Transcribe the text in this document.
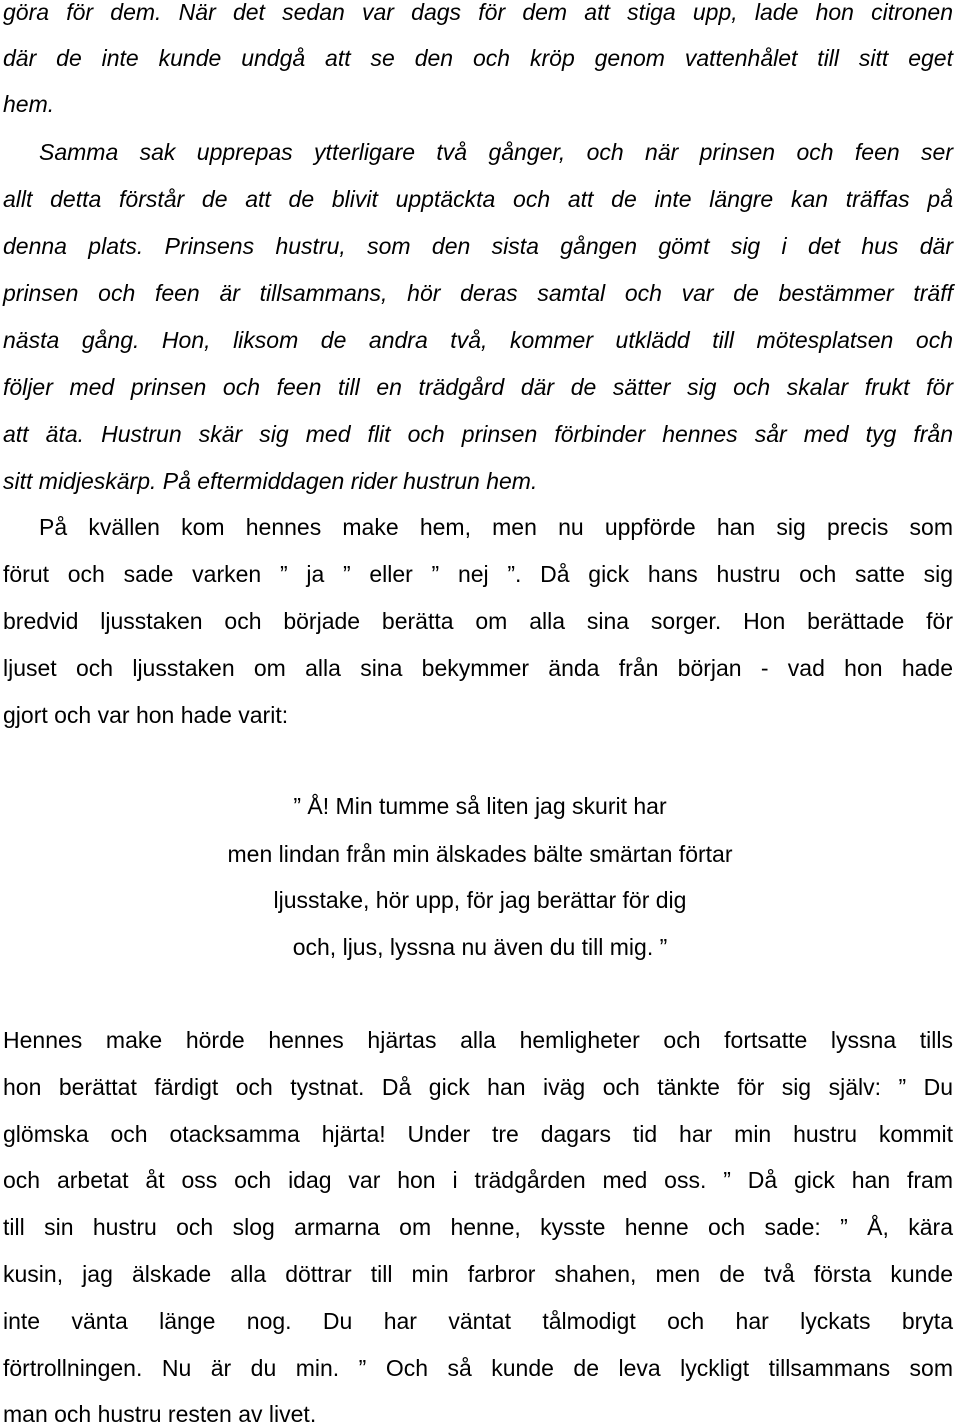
göra för dem. När det sedan var dags för dem att stiga upp, lade hon citronen
där de inte kunde undgå att se den och kröp genom vattenhålet till sitt eget
hem.
Samma sak upprepas ytterligare två gånger, och när prinsen och feen ser
allt detta förstår de att de blivit upptäckta och att de inte längre kan träffas på
denna plats. Prinsens hustru, som den sista gången gömt sig i det hus där
prinsen och feen är tillsammans, hör deras samtal och var de bestämmer träff
nästa gång. Hon, liksom de andra två, kommer utklädd till mötesplatsen och
följer med prinsen och feen till en trädgård där de sätter sig och skalar frukt för
att äta. Hustrun skär sig med flit och prinsen förbinder hennes sår med tyg från
sitt midjeskärp. På eftermiddagen rider hustrun hem.
På kvällen kom hennes make hem, men nu uppförde han sig precis som
förut och sade varken ” ja ” eller ” nej ”. Då gick hans hustru och satte sig
bredvid ljusstaken och började berätta om alla sina sorger. Hon berättade för
ljuset och ljusstaken om alla sina bekymmer ända från början - vad hon hade
gjort och var hon hade varit:
” Å! Min tumme så liten jag skurit har
men lindan från min älskades bälte smärtan förtar
ljusstake, hör upp, för jag berättar för dig
och, ljus, lyssna nu även du till mig. ”
Hennes make hörde hennes hjärtas alla hemligheter och fortsatte lyssna tills
hon berättat färdigt och tystnat. Då gick han iväg och tänkte för sig själv: ” Du
glömska och otacksamma hjärta! Under tre dagars tid har min hustru kommit
och arbetat åt oss och idag var hon i trädgården med oss. ” Då gick han fram
till sin hustru och slog armarna om henne, kysste henne och sade: ” Å, kära
kusin, jag älskade alla döttrar till min farbror shahen, men de två första kunde
inte vänta länge nog. Du har väntat tålmodigt och har lyckats bryta
förtrollningen. Nu är du min. ” Och så kunde de leva lyckligt tillsammans som
man och hustru resten av livet.
